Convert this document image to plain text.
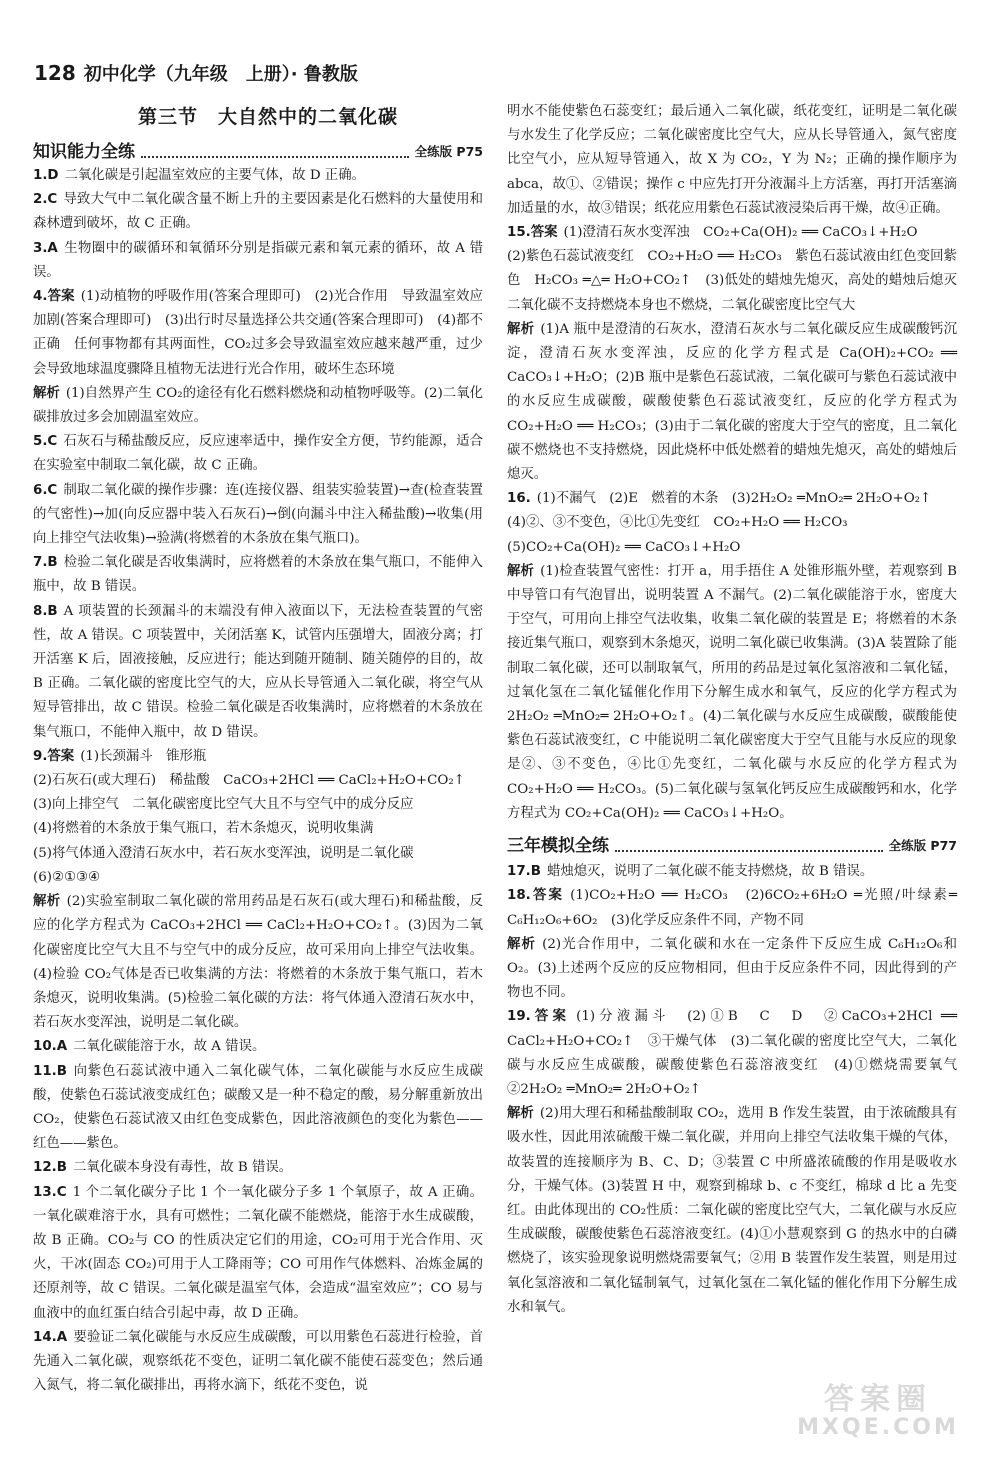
128 初中化学（九年级　上册）· 鲁教版
第三节　大自然中的二氧化碳
知识能力全练	全练版 P75

1.D 二氧化碳是引起温室效应的主要气体，故 D 正确。

2.C 导致大气中二氧化碳含量不断上升的主要因素是化石燃料的大量使用和森林遭到破坏，故 C 正确。

3.A 生物圈中的碳循环和氧循环分别是指碳元素和氧元素的循环，故 A 错误。

4.答案 (1)动植物的呼吸作用(答案合理即可)　(2)光合作用　导致温室效应加剧(答案合理即可)　(3)出行时尽量选择公共交通(答案合理即可)　(4)都不正确　任何事物都有其两面性，CO₂过多会导致温室效应越来越严重，过少会导致地球温度骤降且植物无法进行光合作用，破坏生态环境

解析 (1)自然界产生 CO₂的途径有化石燃料燃烧和动植物呼吸等。(2)二氧化碳排放过多会加剧温室效应。

5.C 石灰石与稀盐酸反应，反应速率适中，操作安全方便，节约能源，适合在实验室中制取二氧化碳，故 C 正确。

6.C 制取二氧化碳的操作步骤：连(连接仪器、组装实验装置)→查(检查装置的气密性)→加(向反应器中装入石灰石)→倒(向漏斗中注入稀盐酸)→收集(用向上排空气法收集)→验满(将燃着的木条放在集气瓶口)。

7.B 检验二氧化碳是否收集满时，应将燃着的木条放在集气瓶口，不能伸入瓶中，故 B 错误。

8.B A 项装置的长颈漏斗的末端没有伸入液面以下，无法检查装置的气密性，故 A 错误。C 项装置中，关闭活塞 K，试管内压强增大，固液分离；打开活塞 K 后，固液接触，反应进行；能达到随开随制、随关随停的目的，故 B 正确。二氧化碳的密度比空气的大，应从长导管通入二氧化碳，将空气从短导管排出，故 C 错误。检验二氧化碳是否收集满时，应将燃着的木条放在集气瓶口，不能伸入瓶中，故 D 错误。

9.答案 (1)长颈漏斗　锥形瓶

(2)石灰石(或大理石)　稀盐酸　CaCO₃+2HCl ══ CaCl₂+H₂O+CO₂↑

(3)向上排空气　二氧化碳密度比空气大且不与空气中的成分反应

(4)将燃着的木条放于集气瓶口，若木条熄灭，说明收集满

(5)将气体通入澄清石灰水中，若石灰水变浑浊，说明是二氧化碳

(6)②①③④

解析 (2)实验室制取二氧化碳的常用药品是石灰石(或大理石)和稀盐酸，反应的化学方程式为 CaCO₃+2HCl ══ CaCl₂+H₂O+CO₂↑。(3)因为二氧化碳密度比空气大且不与空气中的成分反应，故可采用向上排空气法收集。(4)检验 CO₂气体是否已收集满的方法：将燃着的木条放于集气瓶口，若木条熄灭，说明收集满。(5)检验二氧化碳的方法：将气体通入澄清石灰水中，若石灰水变浑浊，说明是二氧化碳。

10.A 二氧化碳能溶于水，故 A 错误。

11.B 向紫色石蕊试液中通入二氧化碳气体，二氧化碳能与水反应生成碳酸，使紫色石蕊试液变成红色；碳酸又是一种不稳定的酸，易分解重新放出 CO₂，使紫色石蕊试液又由红色变成紫色，因此溶液颜色的变化为紫色——红色——紫色。

12.B 二氧化碳本身没有毒性，故 B 错误。

13.C 1 个二氧化碳分子比 1 个一氧化碳分子多 1 个氧原子，故 A 正确。一氧化碳难溶于水，具有可燃性；二氧化碳不能燃烧，能溶于水生成碳酸，故 B 正确。CO₂与 CO 的性质决定它们的用途，CO₂可用于光合作用、灭火，干冰(固态 CO₂)可用于人工降雨等；CO 可用作气体燃料、冶炼金属的还原剂等，故 C 错误。二氧化碳是温室气体，会造成“温室效应”；CO 易与血液中的血红蛋白结合引起中毒，故 D 正确。

14.A 要验证二氧化碳能与水反应生成碳酸，可以用紫色石蕊进行检验，首先通入二氧化碳，观察纸花不变色，证明二氧化碳不能使石蕊变色；然后通入氮气，将二氧化碳排出，再将水滴下，纸花不变色，说

明水不能使紫色石蕊变红；最后通入二氧化碳，纸花变红，证明是二氧化碳与水发生了化学反应；二氧化碳密度比空气大，应从长导管通入，氮气密度比空气小，应从短导管通入，故 X 为 CO₂，Y 为 N₂；正确的操作顺序为 abca，故①、②错误；操作 c 中应先打开分液漏斗上方活塞，再打开活塞滴加适量的水，故③错误；纸花应用紫色石蕊试液浸染后再干燥，故④正确。

15.答案 (1)澄清石灰水变浑浊　CO₂+Ca(OH)₂ ══ CaCO₃↓+H₂O

(2)紫色石蕊试液变红　CO₂+H₂O ══ H₂CO₃　紫色石蕊试液由红色变回紫色　H₂CO₃ ═△═ H₂O+CO₂↑　(3)低处的蜡烛先熄灭，高处的蜡烛后熄灭　二氧化碳不支持燃烧本身也不燃烧，二氧化碳密度比空气大

解析 (1)A 瓶中是澄清的石灰水，澄清石灰水与二氧化碳反应生成碳酸钙沉淀，澄清石灰水变浑浊，反应的化学方程式是 Ca(OH)₂+CO₂ ══ CaCO₃↓+H₂O；(2)B 瓶中是紫色石蕊试液，二氧化碳可与紫色石蕊试液中的水反应生成碳酸，碳酸使紫色石蕊试液变红，反应的化学方程式为 CO₂+H₂O ══ H₂CO₃；(3)由于二氧化碳的密度大于空气的密度，且二氧化碳不燃烧也不支持燃烧，因此烧杯中低处燃着的蜡烛先熄灭，高处的蜡烛后熄灭。

16. (1)不漏气　(2)E　燃着的木条　(3)2H₂O₂ ═MnO₂═ 2H₂O+O₂↑

(4)②、③不变色，④比①先变红　CO₂+H₂O ══ H₂CO₃

(5)CO₂+Ca(OH)₂ ══ CaCO₃↓+H₂O

解析 (1)检查装置气密性：打开 a，用手捂住 A 处锥形瓶外壁，若观察到 B 中导管口有气泡冒出，说明装置 A 不漏气。(2)二氧化碳能溶于水，密度大于空气，可用向上排空气法收集，收集二氧化碳的装置是 E；将燃着的木条接近集气瓶口，观察到木条熄灭，说明二氧化碳已收集满。(3)A 装置除了能制取二氧化碳，还可以制取氧气，所用的药品是过氧化氢溶液和二氧化锰，过氧化氢在二氧化锰催化作用下分解生成水和氧气，反应的化学方程式为 2H₂O₂ ═MnO₂═ 2H₂O+O₂↑。(4)二氧化碳与水反应生成碳酸，碳酸能使紫色石蕊试液变红，C 中能说明二氧化碳密度大于空气且能与水反应的现象是②、③不变色，④比①先变红，二氧化碳与水反应的化学方程式为 CO₂+H₂O ══ H₂CO₃。(5)二氧化碳与氢氧化钙反应生成碳酸钙和水，化学方程式为 CO₂+Ca(OH)₂ ══ CaCO₃↓+H₂O。

三年模拟全练	全练版 P77

17.B 蜡烛熄灭，说明了二氧化碳不能支持燃烧，故 B 错误。

18.答案 (1)CO₂+H₂O ══ H₂CO₃　(2)6CO₂+6H₂O ═光照/叶绿素═ C₆H₁₂O₆+6O₂　(3)化学反应条件不同，产物不同

解析 (2)光合作用中，二氧化碳和水在一定条件下反应生成 C₆H₁₂O₆和 O₂。(3)上述两个反应的反应物相同，但由于反应条件不同，因此得到的产物也不同。

19.答案 (1)分液漏斗　(2)①B　C　D　②CaCO₃+2HCl ══ CaCl₂+H₂O+CO₂↑　③干燥气体　(3)二氧化碳的密度比空气大，二氧化碳与水反应生成碳酸，碳酸使紫色石蕊溶液变红　(4)①燃烧需要氧气　②2H₂O₂ ═MnO₂═ 2H₂O+O₂↑

解析 (2)用大理石和稀盐酸制取 CO₂，选用 B 作发生装置，由于浓硫酸具有吸水性，因此用浓硫酸干燥二氧化碳，并用向上排空气法收集干燥的气体，故装置的连接顺序为 B、C、D；③装置 C 中所盛浓硫酸的作用是吸收水分，干燥气体。(3)装置 H 中，观察到棉球 b、c 不变红，棉球 d 比 a 先变红。由此体现出的 CO₂性质：二氧化碳的密度比空气大，二氧化碳与水反应生成碳酸，碳酸使紫色石蕊溶液变红。(4)①小慧观察到 G 的热水中的白磷燃烧了，该实验现象说明燃烧需要氧气；②用 B 装置作发生装置，则是用过氧化氢溶液和二氧化锰制氧气，过氧化氢在二氧化锰的催化作用下分解生成水和氧气。

答案圈
MXQE.COM
